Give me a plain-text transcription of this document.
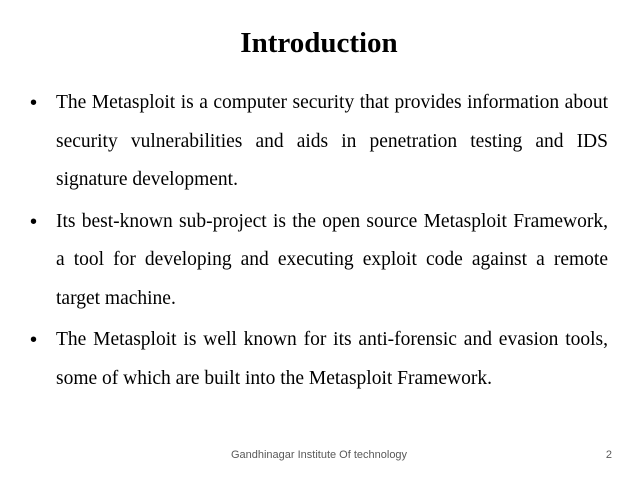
Introduction
• The Metasploit is a computer security that provides information about security vulnerabilities and aids in penetration testing and IDS signature development.
• Its best-known sub-project is the open source Metasploit Framework, a tool for developing and executing exploit code against a remote target machine.
• The Metasploit is well known for its anti-forensic and evasion tools, some of which are built into the Metasploit Framework.
Gandhinagar Institute Of technology	2
